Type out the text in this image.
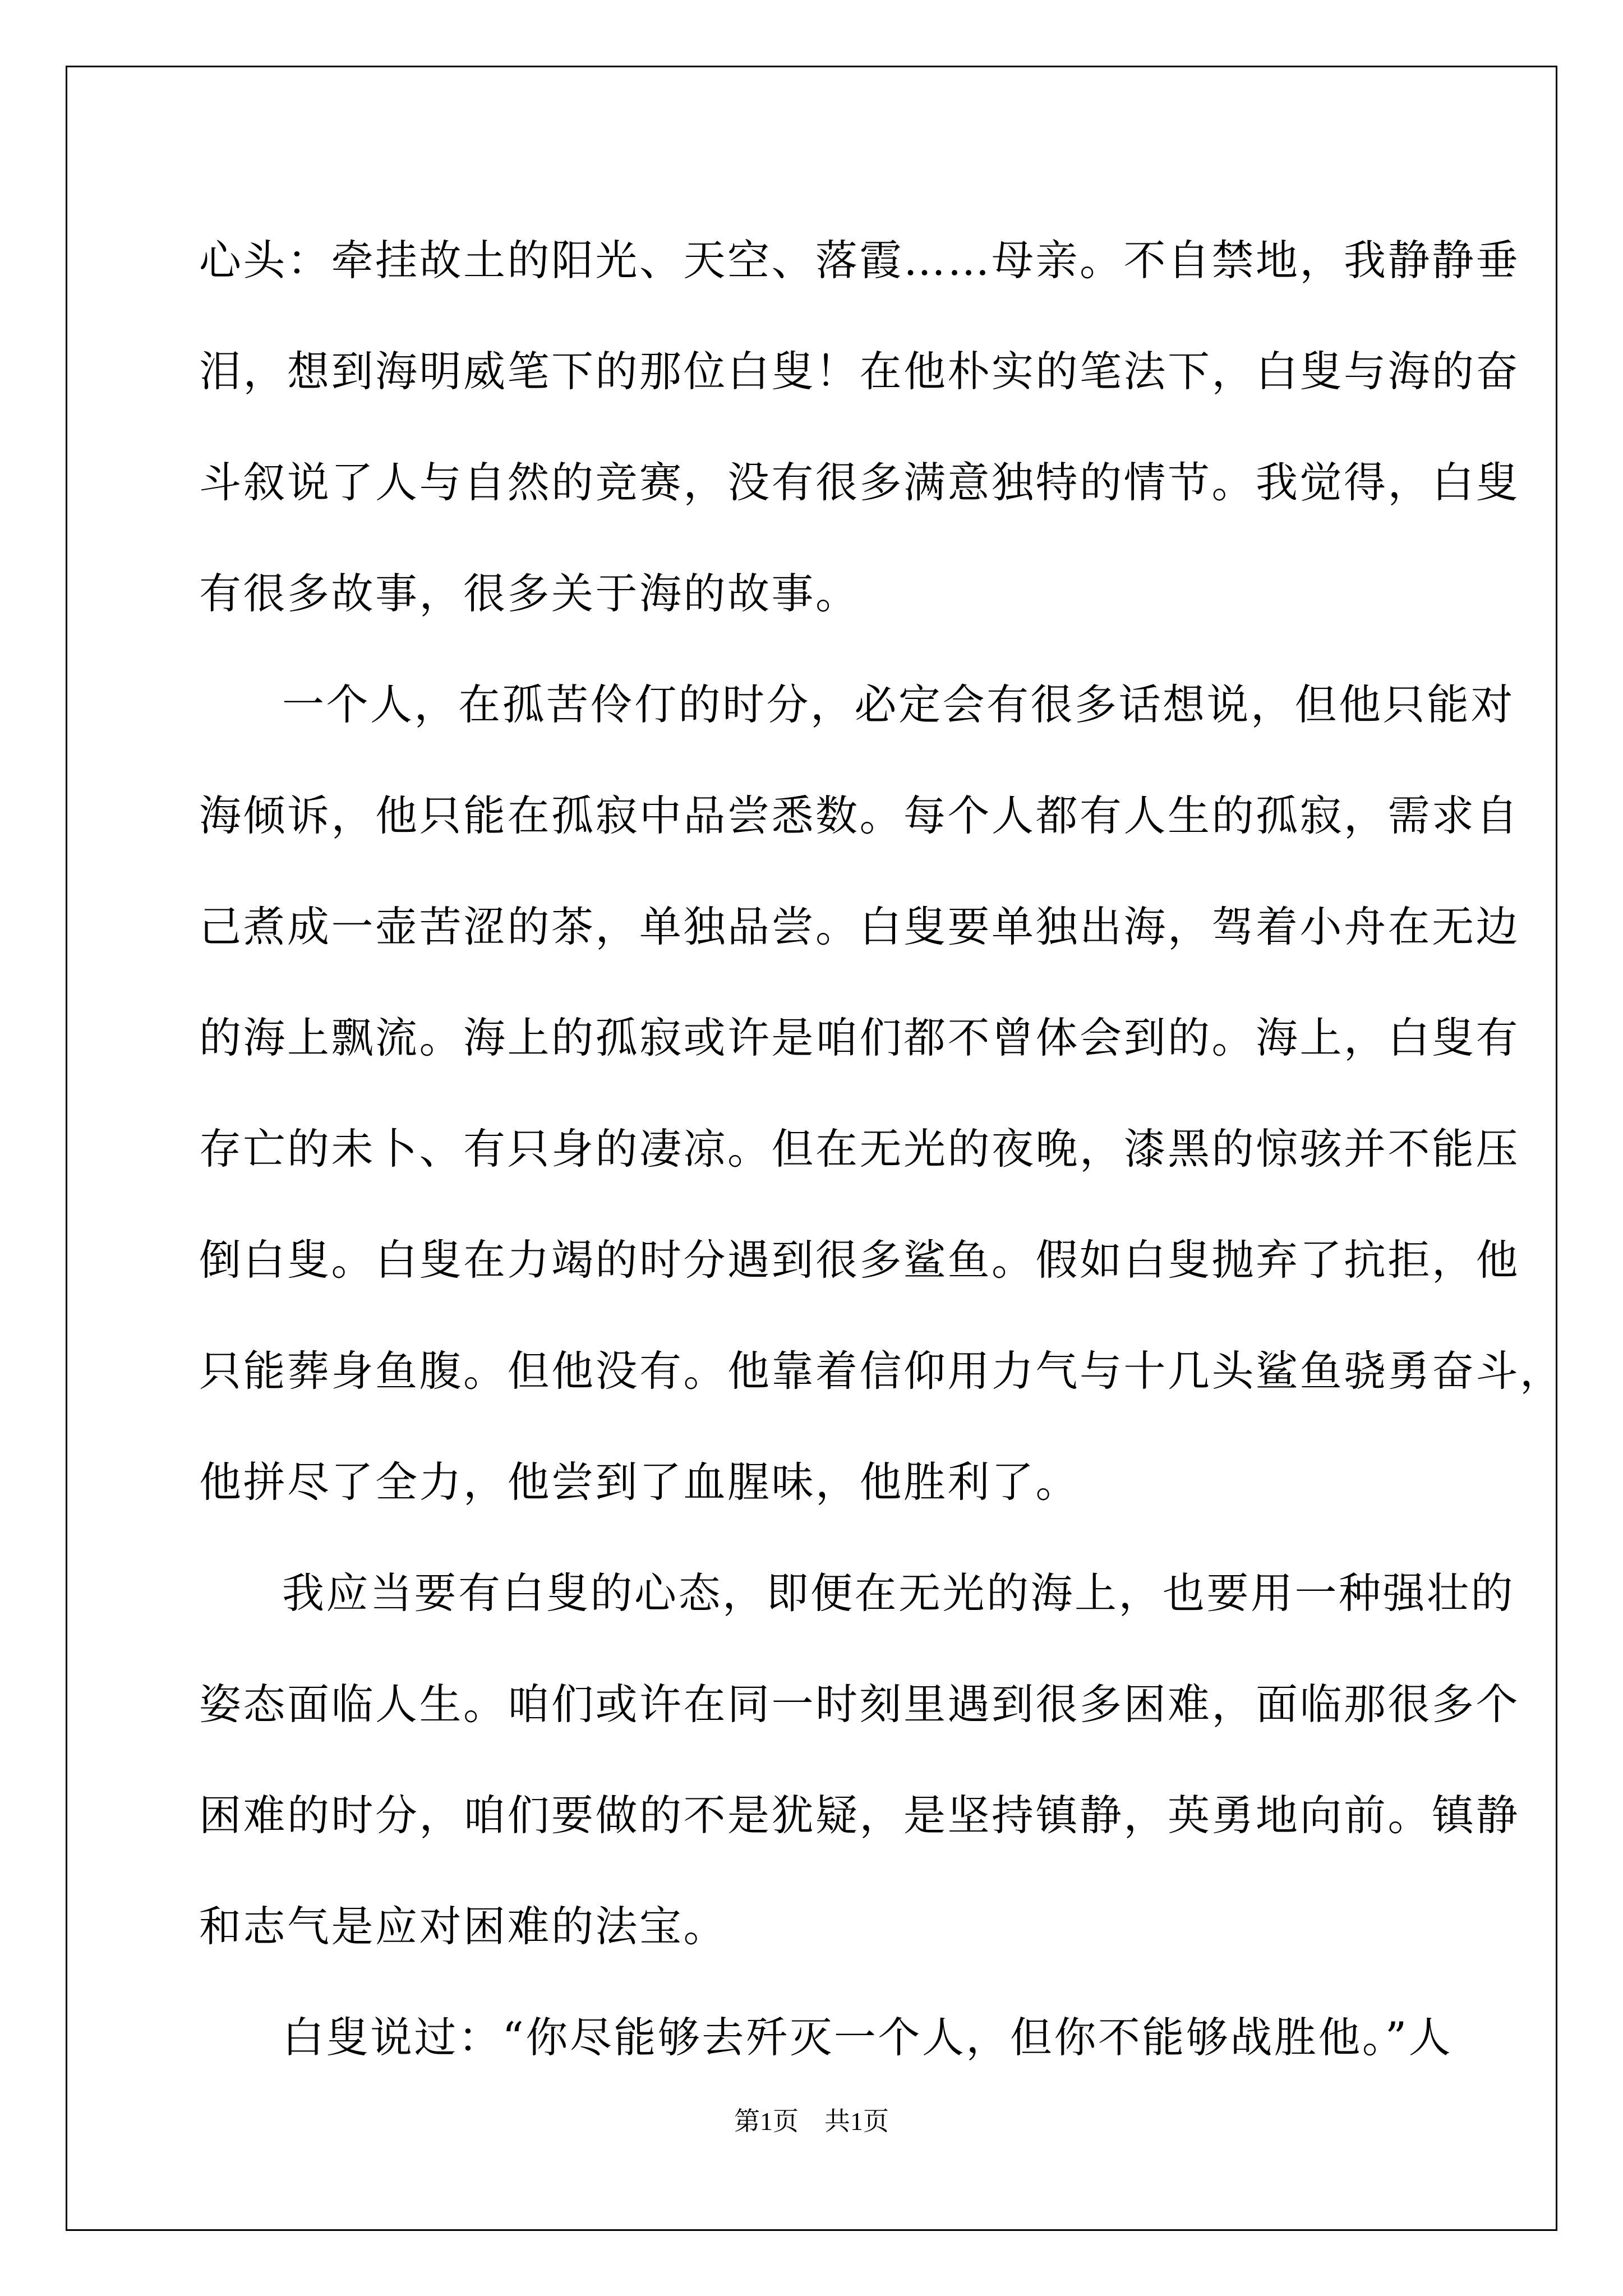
心头：牵挂故土的阳光、天空、落霞……母亲。不自禁地，我静静垂
泪，想到海明威笔下的那位白叟！在他朴实的笔法下，白叟与海的奋
斗叙说了人与自然的竞赛，没有很多满意独特的情节。我觉得，白叟
有很多故事，很多关于海的故事。
一个人，在孤苦伶仃的时分，必定会有很多话想说，但他只能对
海倾诉，他只能在孤寂中品尝悉数。每个人都有人生的孤寂，需求自
己煮成一壶苦涩的茶，单独品尝。白叟要单独出海，驾着小舟在无边
的海上飘流。海上的孤寂或许是咱们都不曾体会到的。海上，白叟有
存亡的未卜、有只身的凄凉。但在无光的夜晚，漆黑的惊骇并不能压
倒白叟。白叟在力竭的时分遇到很多鲨鱼。假如白叟抛弃了抗拒，他
只能葬身鱼腹。但他没有。他靠着信仰用力气与十几头鲨鱼骁勇奋斗，
他拼尽了全力，他尝到了血腥味，他胜利了。
我应当要有白叟的心态，即便在无光的海上，也要用一种强壮的
姿态面临人生。咱们或许在同一时刻里遇到很多困难，面临那很多个
困难的时分，咱们要做的不是犹疑，是坚持镇静，英勇地向前。镇静
和志气是应对困难的法宝。
白叟说过：“你尽能够去歼灭一个人，但你不能够战胜他。”人
第1页　共1页
